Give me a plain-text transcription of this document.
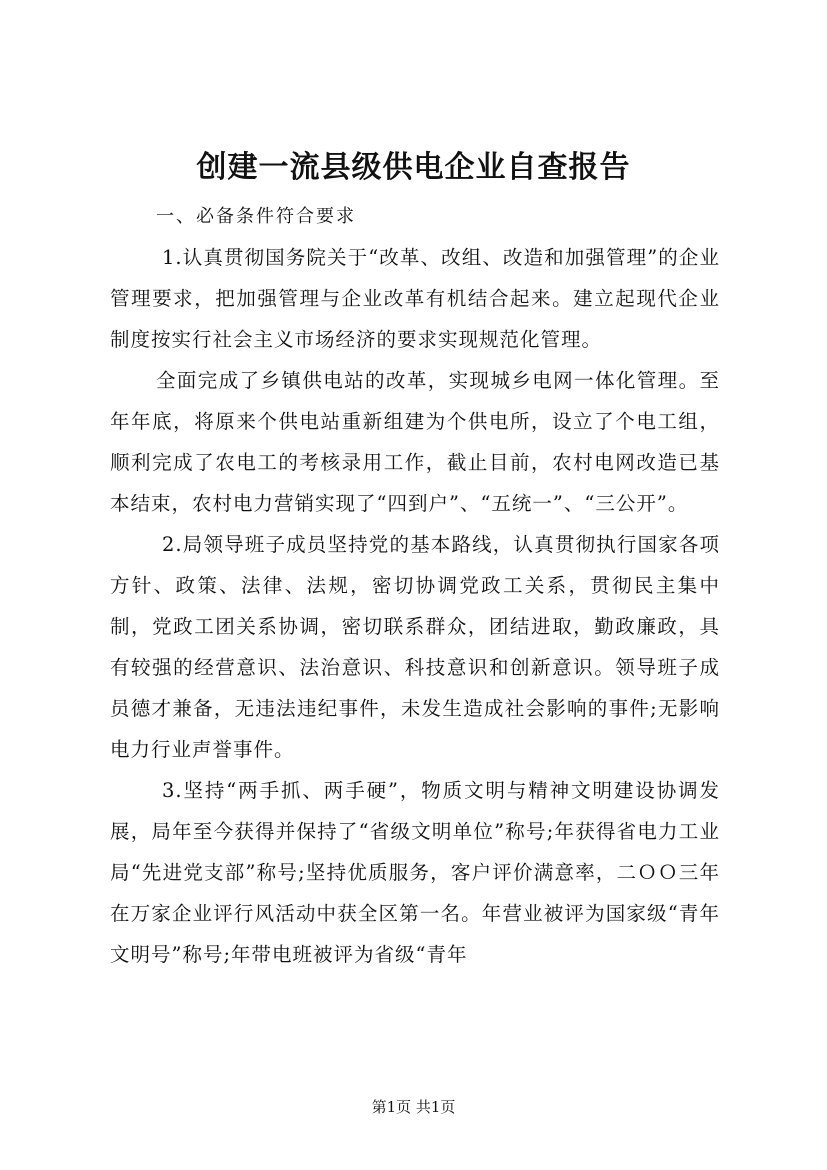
创建一流县级供电企业自查报告

一、必备条件符合要求

1.认真贯彻国务院关于“改革、改组、改造和加强管理”的企业管理要求，把加强管理与企业改革有机结合起来。建立起现代企业制度按实行社会主义市场经济的要求实现规范化管理。

全面完成了乡镇供电站的改革，实现城乡电网一体化管理。至年年底，将原来个供电站重新组建为个供电所，设立了个电工组，顺利完成了农电工的考核录用工作，截止目前，农村电网改造已基本结束，农村电力营销实现了“四到户”、“五统一”、“三公开”。

2.局领导班子成员坚持党的基本路线，认真贯彻执行国家各项方针、政策、法律、法规，密切协调党政工关系，贯彻民主集中制，党政工团关系协调，密切联系群众，团结进取，勤政廉政，具有较强的经营意识、法治意识、科技意识和创新意识。领导班子成员德才兼备，无违法违纪事件，未发生造成社会影响的事件;无影响电力行业声誉事件。

3.坚持“两手抓、两手硬”，物质文明与精神文明建设协调发展，局年至今获得并保持了“省级文明单位”称号;年获得省电力工业局“先进党支部”称号;坚持优质服务，客户评价满意率，二ＯＯ三年在万家企业评行风活动中获全区第一名。年营业被评为国家级“青年文明号”称号;年带电班被评为省级“青年

第1页 共1页
